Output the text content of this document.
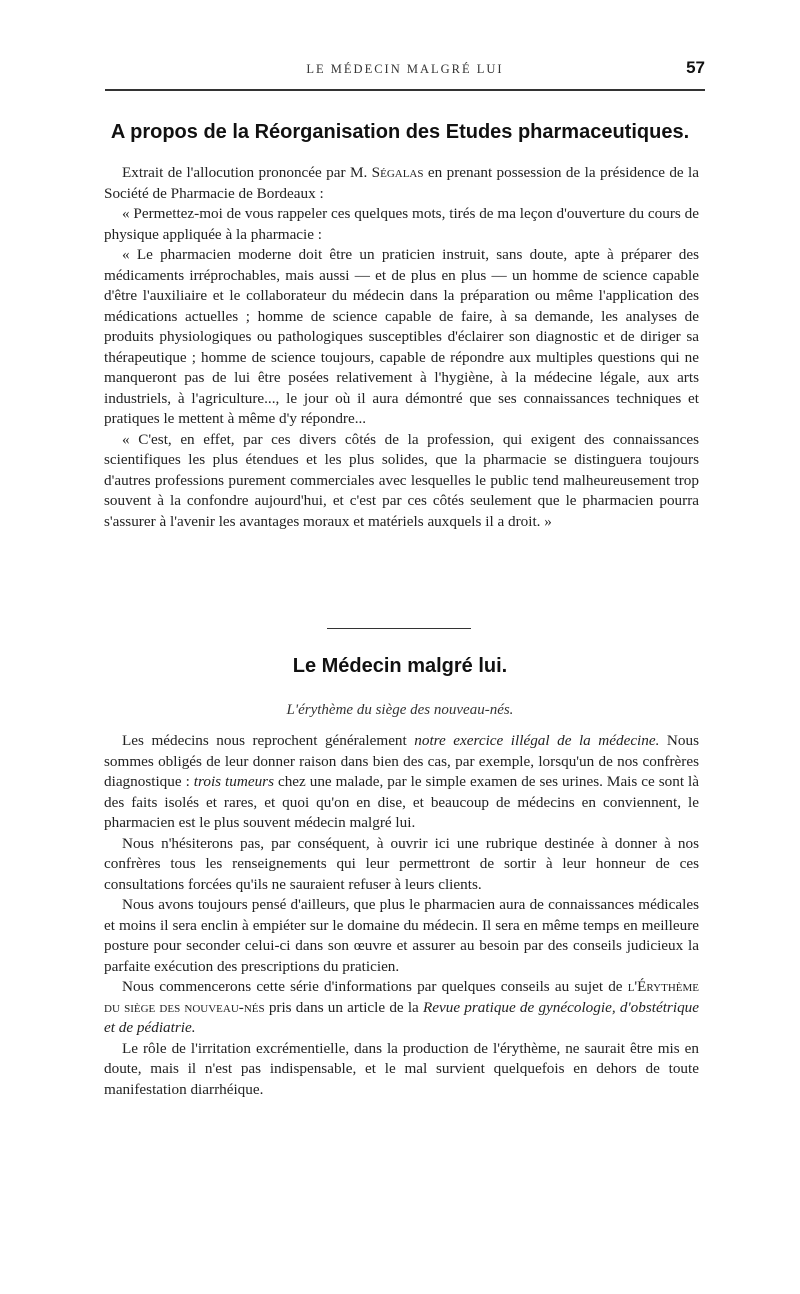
LE MÉDECIN MALGRÉ LUI	57
A propos de la Réorganisation des Etudes pharmaceutiques.

Extrait de l'allocution prononcée par M. Ségalas en prenant possession de la présidence de la Société de Pharmacie de Bordeaux :

« Permettez-moi de vous rappeler ces quelques mots, tirés de ma leçon d'ouverture du cours de physique appliquée à la pharmacie :

« Le pharmacien moderne doit être un praticien instruit, sans doute, apte à préparer des médicaments irréprochables, mais aussi — et de plus en plus — un homme de science capable d'être l'auxiliaire et le collaborateur du médecin dans la préparation ou même l'application des médications actuelles ; homme de science capable de faire, à sa demande, les analyses de produits physiologiques ou pathologiques susceptibles d'éclairer son diagnostic et de diriger sa thérapeutique ; homme de science toujours, capable de répondre aux multiples questions qui ne manqueront pas de lui être posées relativement à l'hygiène, à la médecine légale, aux arts industriels, à l'agriculture..., le jour où il aura démontré que ses connaissances techniques et pratiques le mettent à même d'y répondre...

« C'est, en effet, par ces divers côtés de la profession, qui exigent des connaissances scientifiques les plus étendues et les plus solides, que la pharmacie se distinguera toujours d'autres professions purement commerciales avec lesquelles le public tend malheureusement trop souvent à la confondre aujourd'hui, et c'est par ces côtés seulement que le pharmacien pourra s'assurer à l'avenir les avantages moraux et matériels auxquels il a droit. »

Le Médecin malgré lui.
L'érythème du siège des nouveau-nés.

Les médecins nous reprochent généralement notre exercice illégal de la médecine. Nous sommes obligés de leur donner raison dans bien des cas, par exemple, lorsqu'un de nos confrères diagnostique : trois tumeurs chez une malade, par le simple examen de ses urines. Mais ce sont là des faits isolés et rares, et quoi qu'on en dise, et beaucoup de médecins en conviennent, le pharmacien est le plus souvent médecin malgré lui.

Nous n'hésiterons pas, par conséquent, à ouvrir ici une rubrique destinée à donner à nos confrères tous les renseignements qui leur permettront de sortir à leur honneur de ces consultations forcées qu'ils ne sauraient refuser à leurs clients.

Nous avons toujours pensé d'ailleurs, que plus le pharmacien aura de connaissances médicales et moins il sera enclin à empiéter sur le domaine du médecin. Il sera en même temps en meilleure posture pour seconder celui-ci dans son œuvre et assurer au besoin par des conseils judicieux la parfaite exécution des prescriptions du praticien.

Nous commencerons cette série d'informations par quelques conseils au sujet de l'Érythème du siège des nouveau-nés pris dans un article de la Revue pratique de gynécologie, d'obstétrique et de pédiatrie.

Le rôle de l'irritation excrémentielle, dans la production de l'érythème, ne saurait être mis en doute, mais il n'est pas indispensable, et le mal survient quelquefois en dehors de toute manifestation diarrhéique.
